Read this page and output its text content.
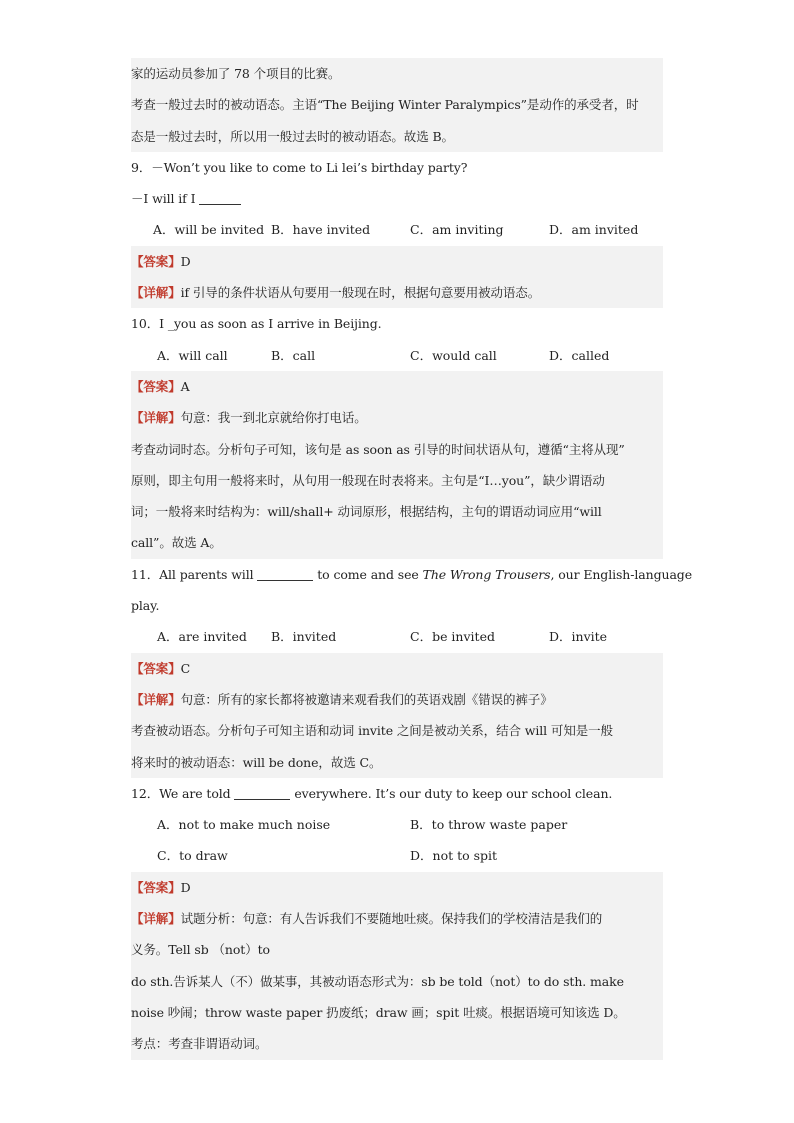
家的运动员参加了 78 个项目的比赛。
考查一般过去时的被动语态。主语“The Beijing Winter Paralympics”是动作的承受者，时
态是一般过去时，所以用一般过去时的被动语态。故选 B。
9．－Won’t you like to come to Li lei’s birthday party?
－I will if I
A．will be invited B．have invited	C．am inviting	D．am invited
【答案】D
【详解】if 引导的条件状语从句要用一般现在时，根据句意要用被动语态。
10．I _you as soon as I arrive in Beijing.
A．will call	B．call	C．would call	D．called
【答案】A
【详解】句意：我一到北京就给你打电话。
考查动词时态。分析句子可知，该句是 as soon as 引导的时间状语从句，遵循“主将从现”
原则，即主句用一般将来时，从句用一般现在时表将来。主句是“I…you”，缺少谓语动
词；一般将来时结构为：will/shall+ 动词原形，根据结构，主句的谓语动词应用“will
call”。故选 A。
11．All parents will	to come and see The Wrong Trousers, our English-language
play.
A．are invited B．invited	C．be invited	D．invite
【答案】C
【详解】句意：所有的家长都将被邀请来观看我们的英语戏剧《错误的裤子》
考查被动语态。分析句子可知主语和动词 invite 之间是被动关系，结合 will 可知是一般
将来时的被动语态：will be done，故选 C。
12．We are told	everywhere. It’s our duty to keep our school clean.
A．not to make much noise	B．to throw waste paper
C．to draw	D．not to spit
【答案】D
【详解】试题分析：句意：有人告诉我们不要随地吐痰。保持我们的学校清洁是我们的
义务。Tell sb （not）to
do sth.告诉某人（不）做某事，其被动语态形式为：sb be told（not）to do sth. make
noise 吵闹；throw waste paper 扔废纸；draw 画；spit 吐痰。根据语境可知该选 D。
考点：考查非谓语动词。
